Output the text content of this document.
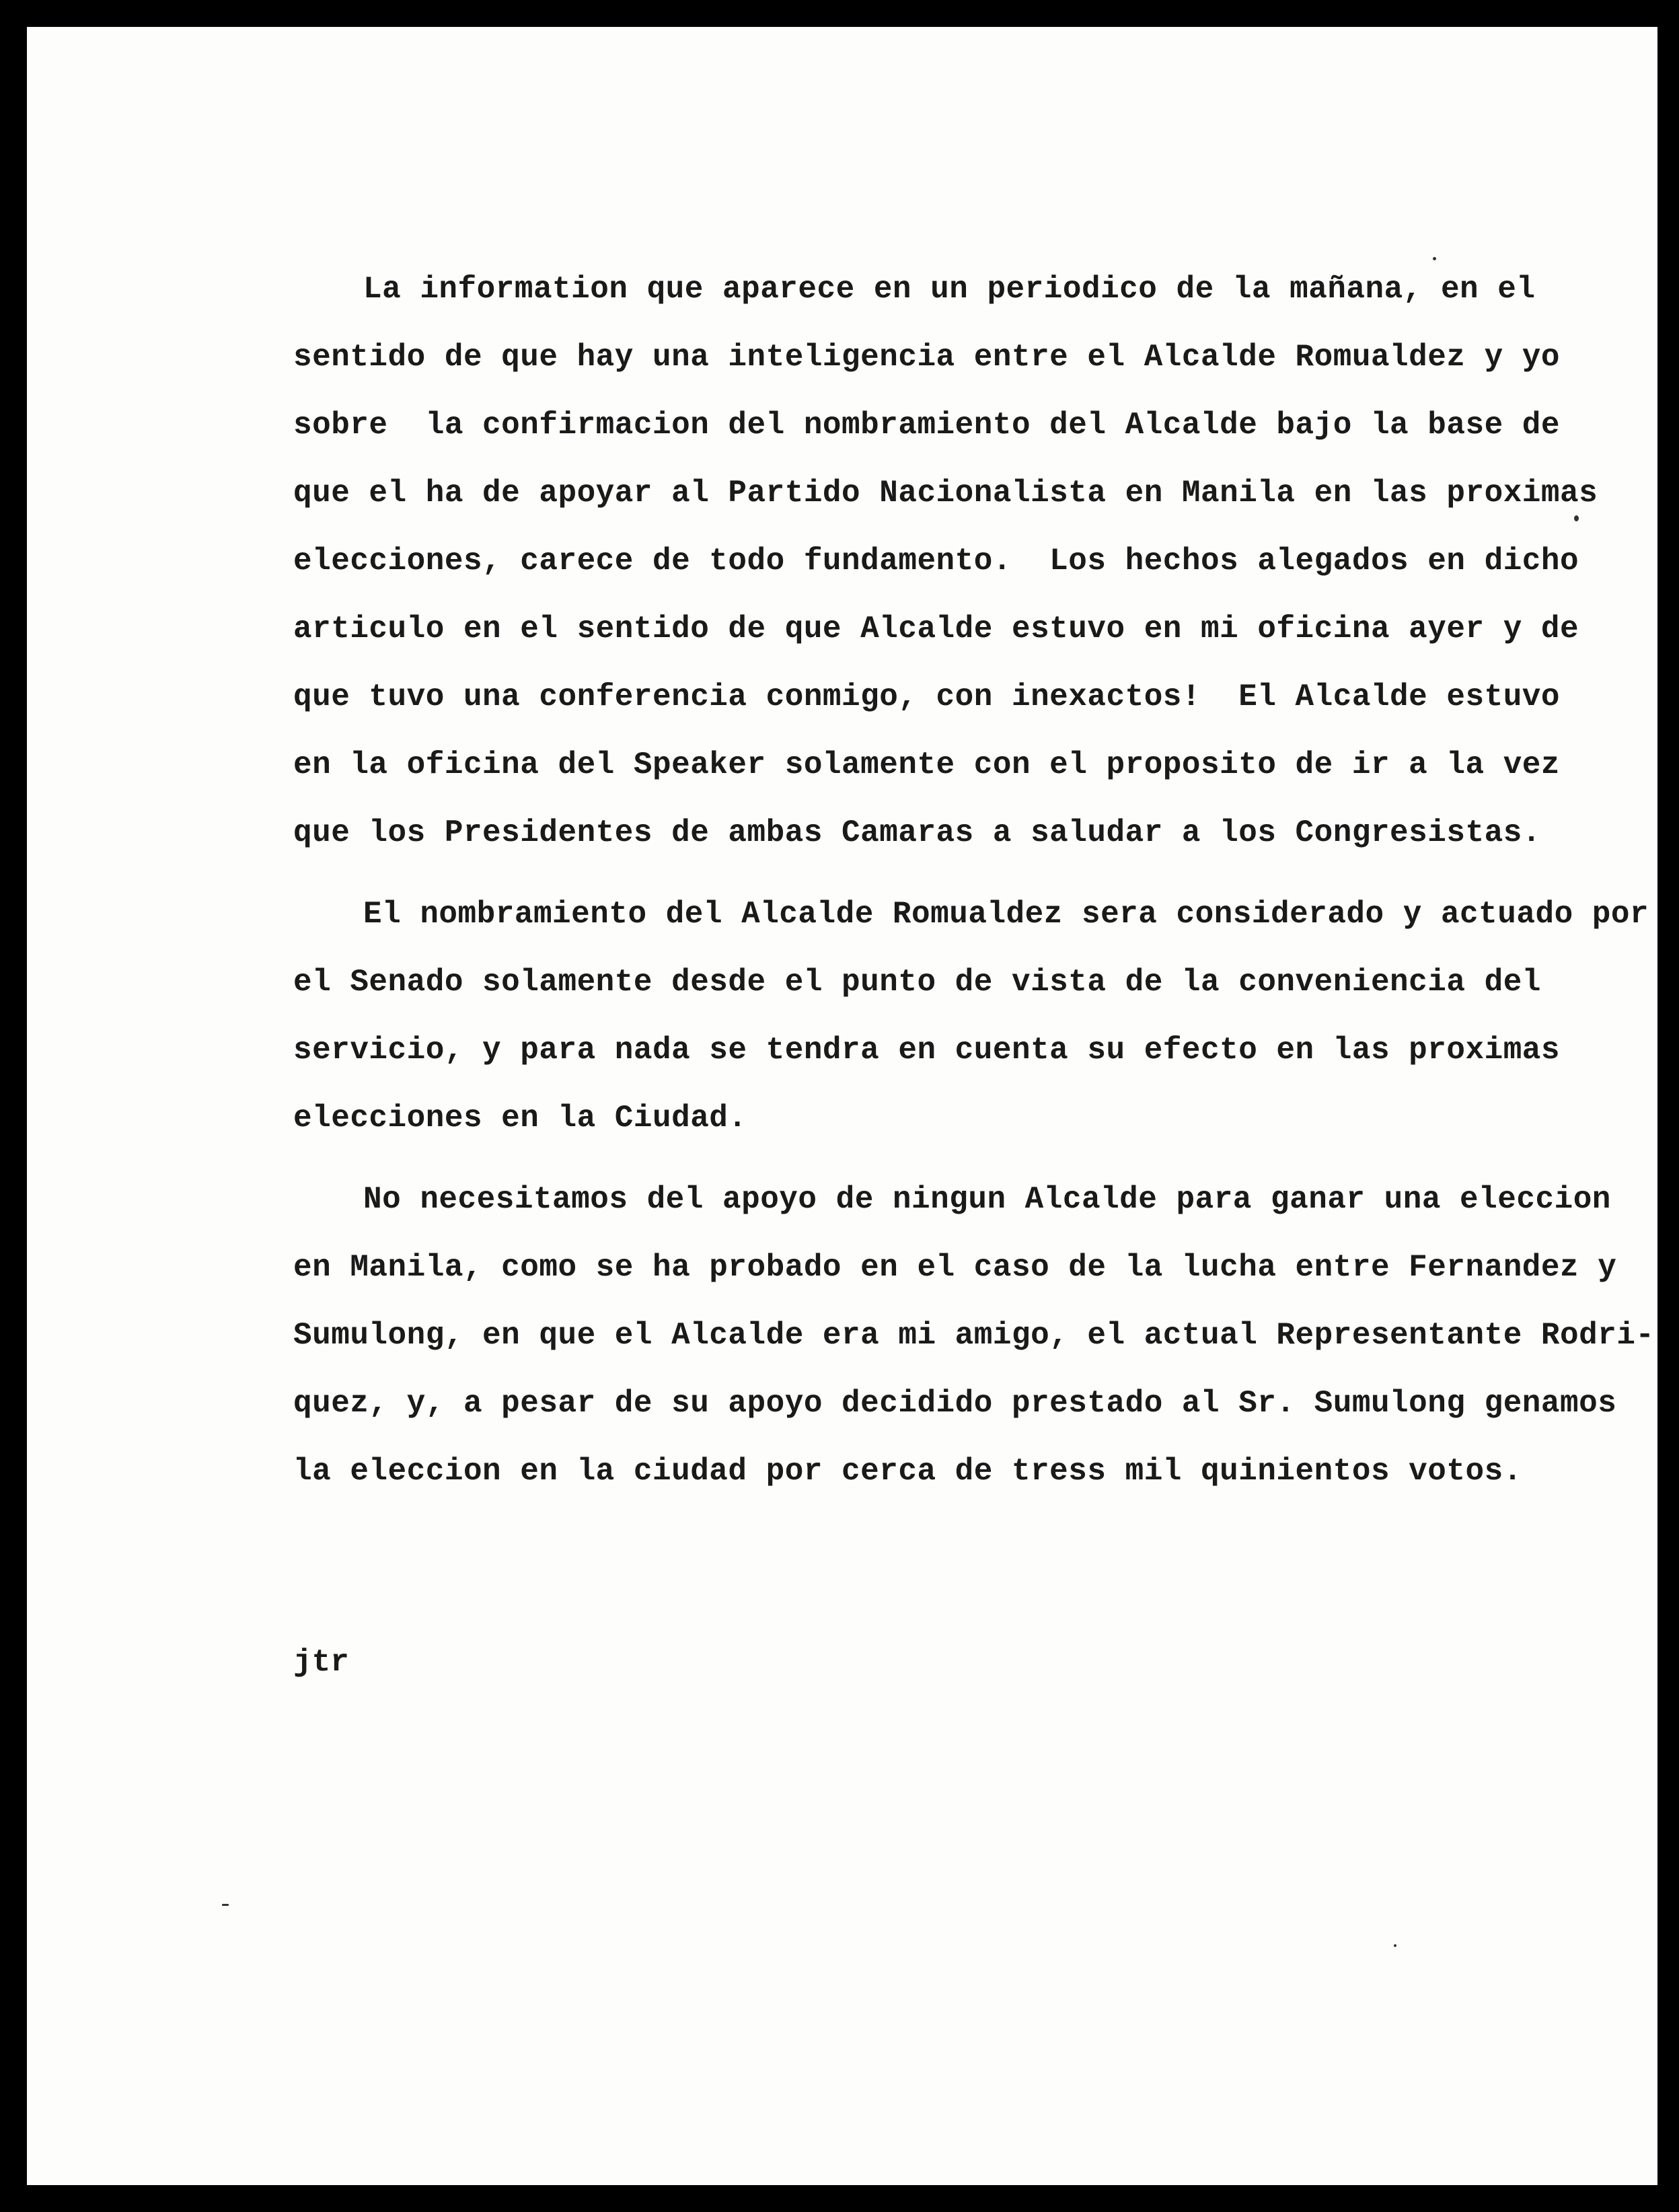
La information que aparece en un periodico de la mañana, en el
sentido de que hay una inteligencia entre el Alcalde Romualdez y yo
sobre  la confirmacion del nombramiento del Alcalde bajo la base de
que el ha de apoyar al Partido Nacionalista en Manila en las proximas
elecciones, carece de todo fundamento.  Los hechos alegados en dicho
articulo en el sentido de que Alcalde estuvo en mi oficina ayer y de
que tuvo una conferencia conmigo, con inexactos!  El Alcalde estuvo
en la oficina del Speaker solamente con el proposito de ir a la vez
que los Presidentes de ambas Camaras a saludar a los Congresistas.
El nombramiento del Alcalde Romualdez sera considerado y actuado por
el Senado solamente desde el punto de vista de la conveniencia del
servicio, y para nada se tendra en cuenta su efecto en las proximas
elecciones en la Ciudad.
No necesitamos del apoyo de ningun Alcalde para ganar una eleccion
en Manila, como se ha probado en el caso de la lucha entre Fernandez y
Sumulong, en que el Alcalde era mi amigo, el actual Representante Rodri-
quez, y, a pesar de su apoyo decidido prestado al Sr. Sumulong genamos
la eleccion en la ciudad por cerca de tress mil quinientos votos.
jtr
